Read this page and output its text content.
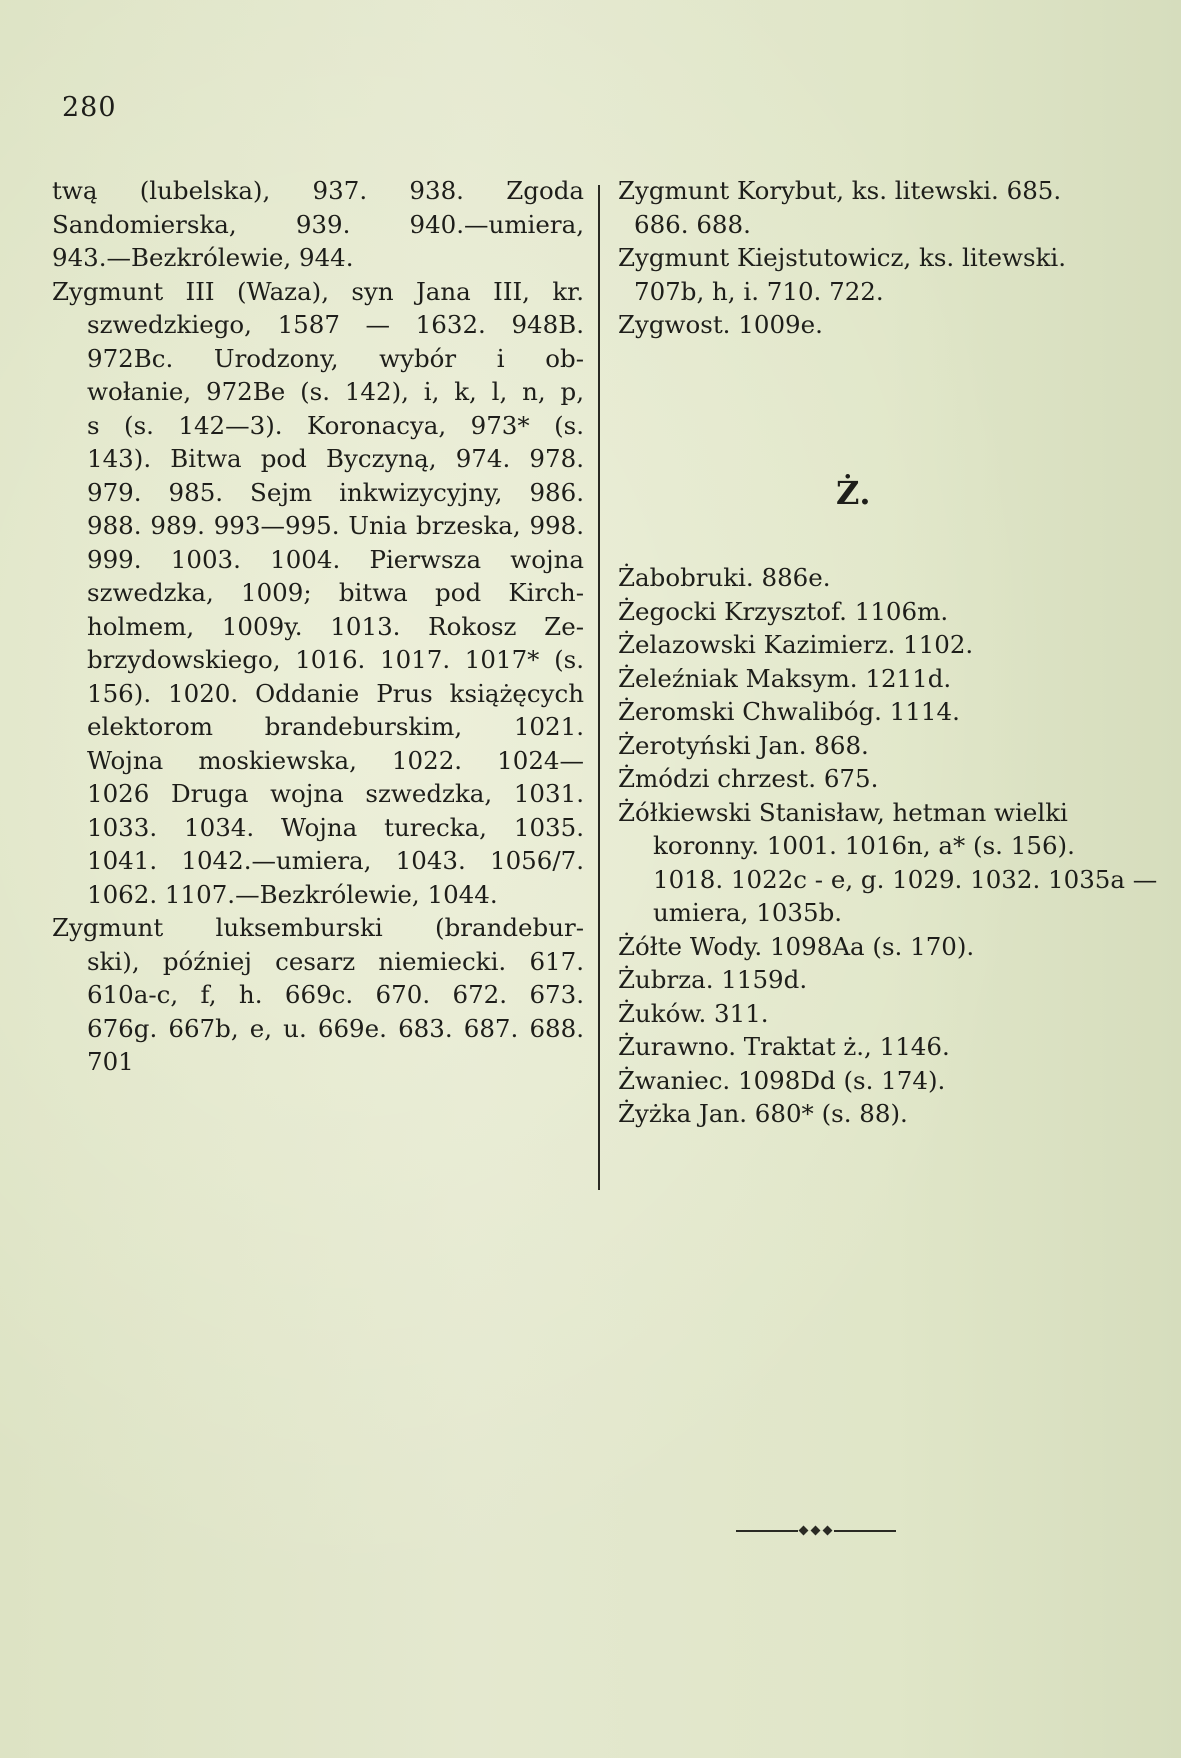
280
twą (lubelska), 937. 938. Zgoda
Sandomierska, 939. 940.—umiera,
943.—Bezkrólewie, 944.
Zygmunt III (Waza), syn Jana III, kr.
szwedzkiego, 1587 — 1632. 948B.
972Bc. Urodzony, wybór i ob-
wołanie, 972Be (s. 142), i, k, l, n, p,
s (s. 142—3). Koronacya, 973* (s.
143). Bitwa pod Byczyną, 974. 978.
979. 985. Sejm inkwizycyjny, 986.
988. 989. 993—995. Unia brzeska, 998.
999. 1003. 1004. Pierwsza wojna
szwedzka, 1009; bitwa pod Kirch-
holmem, 1009y. 1013. Rokosz Ze-
brzydowskiego, 1016. 1017. 1017* (s.
156). 1020. Oddanie Prus książęcych
elektorom brandeburskim, 1021.
Wojna moskiewska, 1022. 1024—
1026 Druga wojna szwedzka, 1031.
1033. 1034. Wojna turecka, 1035.
1041. 1042.—umiera, 1043. 1056/7.
1062. 1107.—Bezkrólewie, 1044.
Zygmunt luksemburski (brandebur-
ski), później cesarz niemiecki. 617.
610a-c, f, h. 669c. 670. 672. 673.
676g. 667b, e, u. 669e. 683. 687. 688.
701
Zygmunt Korybut, ks. litewski. 685.
686. 688.
Zygmunt Kiejstutowicz, ks. litewski.
707b, h, i. 710. 722.
Zygwost. 1009e.
Ż.
Żabobruki. 886e.
Żegocki Krzysztof. 1106m.
Żelazowski Kazimierz. 1102.
Żeleźniak Maksym. 1211d.
Żeromski Chwalibóg. 1114.
Żerotyński Jan. 868.
Żmódzi chrzest. 675.
Żółkiewski Stanisław, hetman wielki
koronny. 1001. 1016n, a* (s. 156).
1018. 1022c - e, g. 1029. 1032. 1035a —
umiera, 1035b.
Żółte Wody. 1098Aa (s. 170).
Żubrza. 1159d.
Żuków. 311.
Żurawno. Traktat ż., 1146.
Żwaniec. 1098Dd (s. 174).
Żyżka Jan. 680* (s. 88).
